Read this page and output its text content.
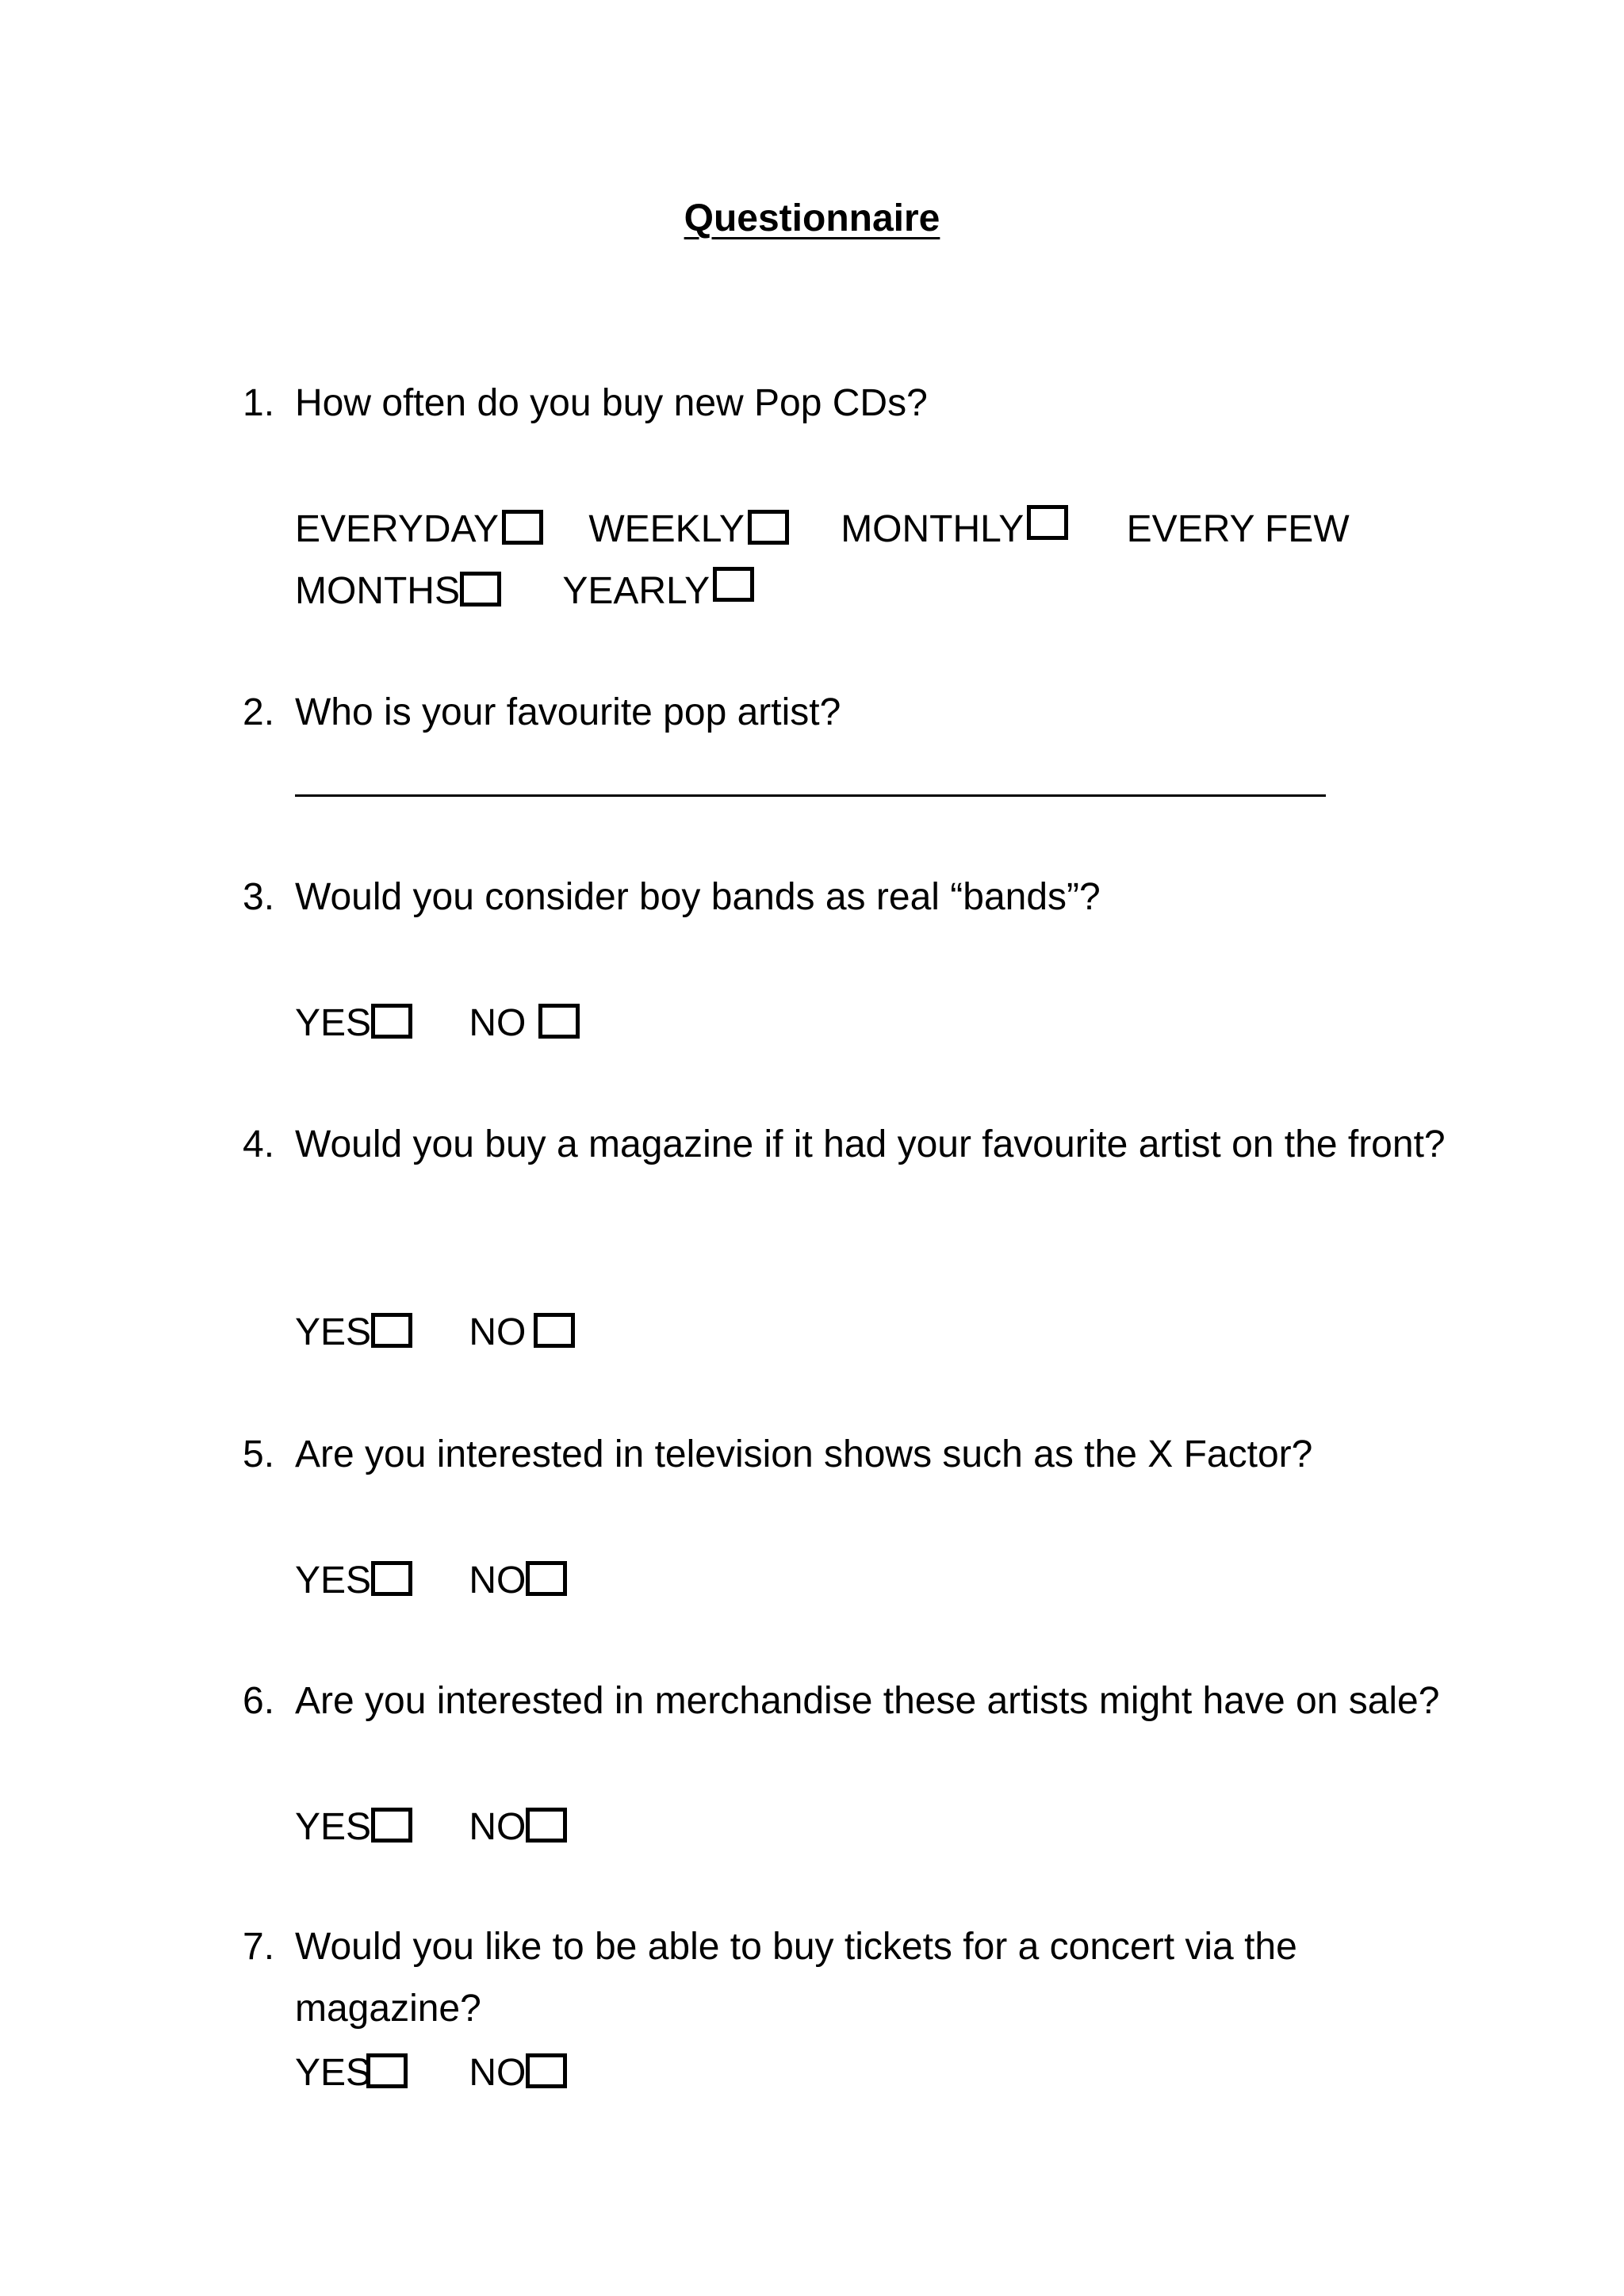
Questionnaire
1. How often do you buy new Pop CDs?
EVERYDAY WEEKLY	MONTHLY	EVERY FEW
MONTHS	YEARLY
2. Who is your favourite pop artist?
3. Would you consider boy bands as real “bands”?
YES	NO
4. Would you buy a magazine if it had your favourite artist on the front?
YES	NO
5. Are you interested in television shows such as the X Factor?
YES	NO
6. Are you interested in merchandise these artists might have on sale?
YES	NO
7. Would you like to be able to buy tickets for a concert via the magazine?
YES	NO
